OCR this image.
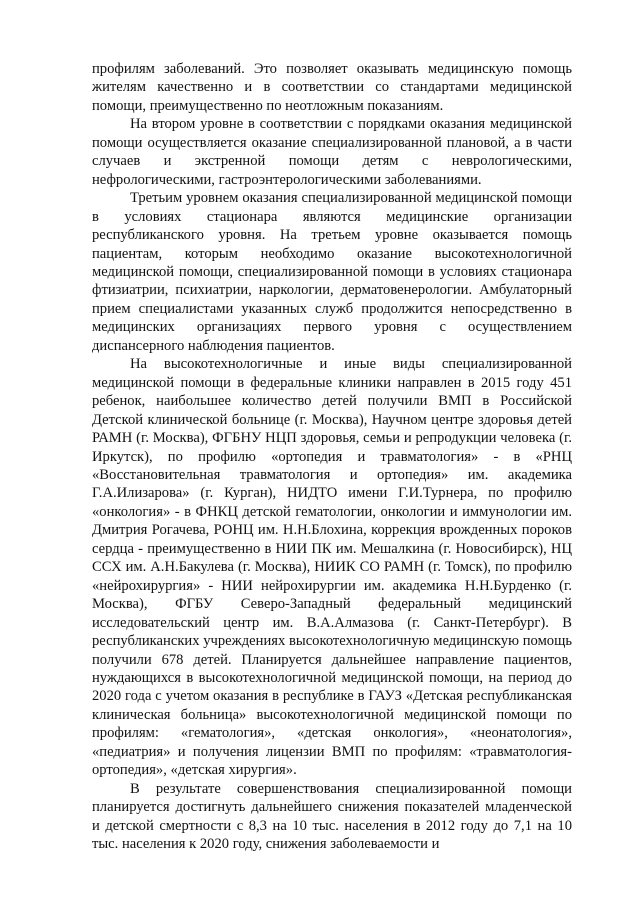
профилям заболеваний. Это позволяет оказывать медицинскую помощь жителям качественно и в соответствии со стандартами медицинской помощи, преимущественно по неотложным показаниям.

На втором уровне в соответствии с порядками оказания медицинской помощи осуществляется оказание специализированной плановой, а в части случаев и экстренной помощи детям с неврологическими, нефрологическими, гастроэнтерологическими заболеваниями.

Третьим уровнем оказания специализированной медицинской помощи в условиях стационара являются медицинские организации республиканского уровня. На третьем уровне оказывается помощь пациентам, которым необходимо оказание высокотехнологичной медицинской помощи, специализированной помощи в условиях стационара фтизиатрии, психиатрии, наркологии, дерматовенерологии. Амбулаторный прием специалистами указанных служб продолжится непосредственно в медицинских организациях первого уровня с осуществлением диспансерного наблюдения пациентов.

На высокотехнологичные и иные виды специализированной медицинской помощи в федеральные клиники направлен в 2015 году 451 ребенок, наибольшее количество детей получили ВМП в Российской Детской клинической больнице (г. Москва), Научном центре здоровья детей РАМН (г. Москва), ФГБНУ НЦП здоровья, семьи и репродукции человека (г. Иркутск), по профилю «ортопедия и травматология» - в «РНЦ «Восстановительная травматология и ортопедия» им. академика Г.А.Илизарова» (г. Курган), НИДТО имени Г.И.Турнера, по профилю «онкология» - в ФНКЦ детской гематологии, онкологии и иммунологии им. Дмитрия Рогачева, РОНЦ им. Н.Н.Блохина, коррекция врожденных пороков сердца - преимущественно в НИИ ПК им. Мешалкина (г. Новосибирск), НЦ ССХ им. А.Н.Бакулева (г. Москва), НИИК СО РАМН (г. Томск), по профилю «нейрохирургия» - НИИ нейрохирургии им. академика Н.Н.Бурденко (г. Москва), ФГБУ Северо-Западный федеральный медицинский исследовательский центр им. В.А.Алмазова (г. Санкт-Петербург). В республиканских учреждениях высокотехнологичную медицинскую помощь получили 678 детей. Планируется дальнейшее направление пациентов, нуждающихся в высокотехнологичной медицинской помощи, на период до 2020 года с учетом оказания в республике в ГАУЗ «Детская республиканская клиническая больница» высокотехнологичной медицинской помощи по профилям: «гематология», «детская онкология», «неонатология», «педиатрия» и получения лицензии ВМП по профилям: «травматология-ортопедия», «детская хирургия».

В результате совершенствования специализированной помощи планируется достигнуть дальнейшего снижения показателей младенческой и детской смертности с 8,3 на 10 тыс. населения в 2012 году до 7,1 на 10 тыс. населения к 2020 году, снижения заболеваемости и
